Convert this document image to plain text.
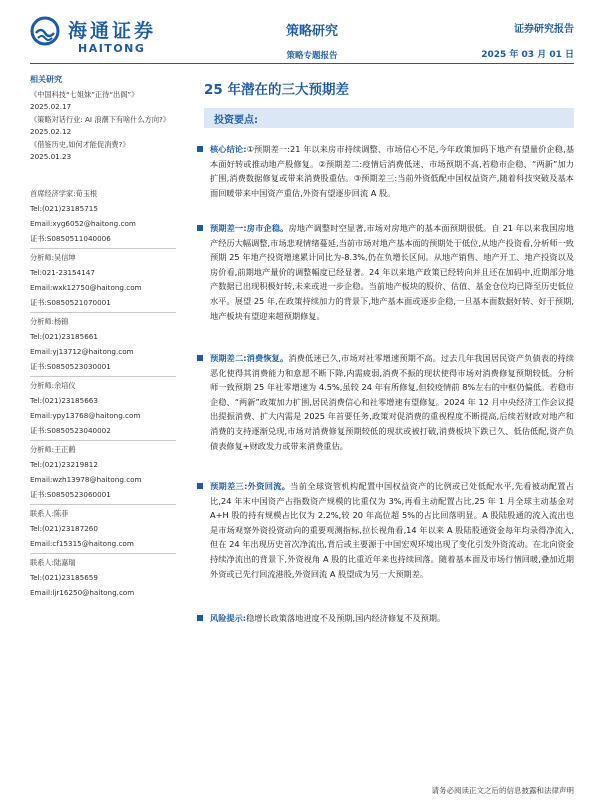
海通证券
HAITONG
策略研究
策略专题报告
证券研究报告
2025 年 03 月 01 日
相关研究
《中国科技“七姐妹”正待“出阁”》
2025.02.17
《策略对话行业: AI 浪潮下有啥什么方向?》 2025.02.12
《借鉴历史,如何才能促消费?》
2025.01.23
首席经济学家:荀玉根
Tel:(021)23185715
Email:xyg6052@haitong.com
证书:S0850511040006
分析师:吴信坤
Tel:021-23154147
Email:wxk12750@haitong.com
证书:S0850521070001
分析师:杨锦
Tel:(021)23185661
Email:yj13712@haitong.com
证书:S0850523030001
分析师:余培仪
Tel:(021)23185663
Email:ypy13768@haitong.com
证书:S0850523040002
分析师:王正鹤
Tel:(021)23219812
Email:wzh13978@haitong.com
证书:S0850523060001
联系人:陈菲
Tel:(021)23187260
Email:cf15315@haitong.com
联系人:陆嘉瑞
Tel:(021)23185659
Email:ljr16250@haitong.com
25 年潜在的三大预期差
投资要点:
核心结论:①预期差一:21 年以来房市持续调整、市场信心不足,今年政策加码下地产有望量价企稳,基本面好转或推动地产股修复。②预期差二:疫情后消费低迷、市场预期不高,若稳市企稳、“两新”加力扩围,消费数据修复或带来消费股重估。③预期差三:当前外资低配中国权益资产,随着科技突破及基本面回暖带来中国资产重估,外资有望逐步回流 A 股。
预期差一:房市企稳。房地产调整时空显著,市场对房地产的基本面预期很低。自 21 年以来我国房地产经历大幅调整,市场悲观情绪蔓延,当前市场对地产基本面的预期处于低位,从地产投资看,分析师一致预期 25 年地产投资增速累计同比为-8.3%,仍在负增长区间。从地产销售、地产开工、地产投资以及房价看,前期地产量价的调整幅度已经显著。24 年以来地产政策已经转向并且还在加码中,近期部分地产数据已出现积极好转,未来或进一步企稳。当前地产板块的股价、估值、基金仓位均已降至历史低位水平。展望 25 年,在政策持续加力的背景下,地产基本面或逐步企稳,一旦基本面数据好转、好于预期,地产板块有望迎来超预期修复。
预期差二:消费恢复。消费低迷已久,市场对社零增速预期不高。过去几年我国居民资产负债表的持续恶化使得其消费能力和意愿不断下降,内需疲弱,消费不振的现状使得市场对消费修复预期较低。分析师一致预期 25 年社零增速为 4.5%,虽较 24 年有所修复,但较疫情前 8%左右的中枢仍偏低。若稳市企稳、“两新”政策加力扩围,居民消费信心和社零增速有望修复。2024 年 12 月中央经济工作会议提出提振消费、扩大内需是 2025 年首要任务,政策对促消费的重视程度不断提高,后续若财政对地产和消费的支持逐渐兑现,市场对消费修复预期较低的现状或被打破,消费板块下跌已久、低估低配,资产负债表修复+财政发力或带来消费重估。
预期差三:外资回流。当前全球资管机构配置中国权益资产的比例或已处低配水平,先看被动配置占比,24 年末中国资产占指数资产规模的比重仅为 3%,再看主动配置占比,25 年 1 月全球主动基金对 A+H 股的持有规模占比仅为 2.2%,较 20 年高位超 5%的占比回落明显。A 股陆股通的流入流出也是市场观察外资投资动向的重要观测指标,拉长视角看,14 年以来 A 股陆股通资金每年均录得净流入,但在 24 年出现历史首次净流出,背后或主要源于中国宏观环境出现了变化引发外资流动。在北向资金持续净流出的背景下,外资视角 A 股的比重近年来也持续回落。随着基本面及市场行情回暖,叠加近期外资或已先行回流港股,外资回流 A 股望成为另一大预期差。
风险提示:稳增长政策落地进度不及预期,国内经济修复不及预期。
请务必阅读正文之后的信息披露和法律声明
